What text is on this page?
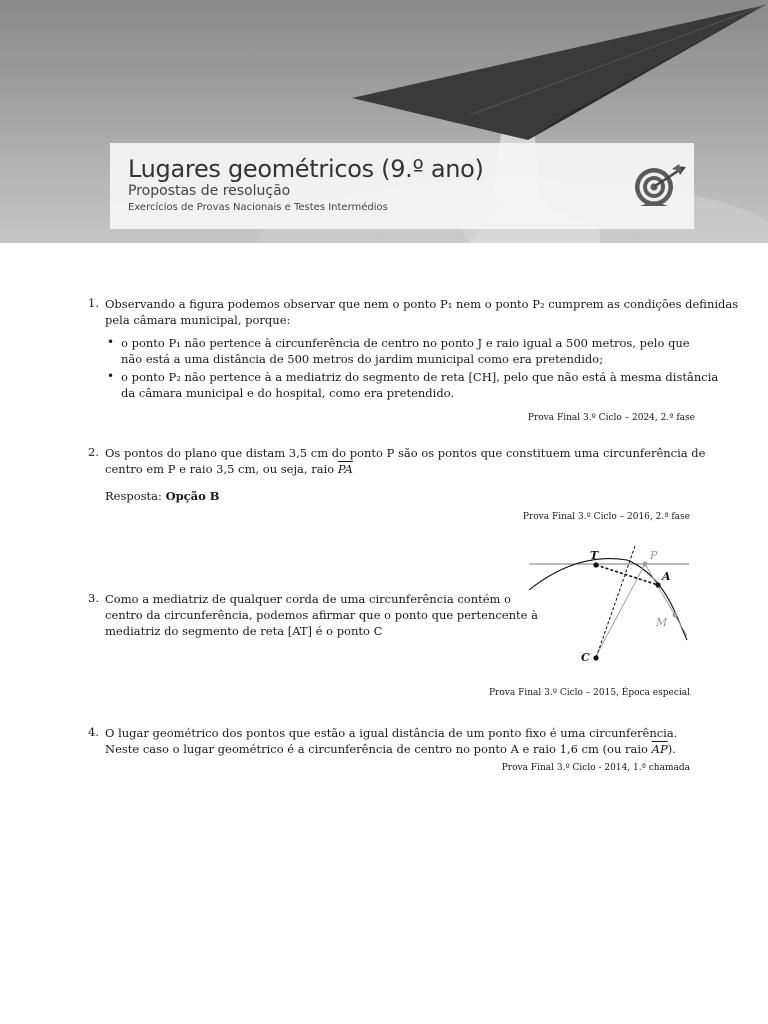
Lugares geométricos (9.º ano)
Propostas de resolução
Exercícios de Provas Nacionais e Testes Intermédios
1. Observando a figura podemos observar que nem o ponto P₁ nem o ponto P₂ cumprem as condições definidas
pela câmara municipal, porque:
• o ponto P₁ não pertence à circunferência de centro no ponto J e raio igual a 500 metros, pelo que
não está a uma distância de 500 metros do jardim municipal como era pretendido;
• o ponto P₂ não pertence à a mediatriz do segmento de reta [CH], pelo que não está à mesma distância
da câmara municipal e do hospital, como era pretendido.
Prova Final 3.º Ciclo – 2024, 2.ª fase
2. Os pontos do plano que distam 3,5 cm do ponto P são os pontos que constituem uma circunferência de
centro em P e raio 3,5 cm, ou seja, raio $\overline{PA}$
Resposta: Opção B
Prova Final 3.º Ciclo – 2016, 2.ª fase
3. Como a mediatriz de qualquer corda de uma circunferência contém o
centro da circunferência, podemos afirmar que o ponto que pertencente à
mediatriz do segmento de reta [AT] é o ponto C
T	P
A
M
C
Prova Final 3.º Ciclo – 2015, Época especial
4. O lugar geométrico dos pontos que estão a igual distância de um ponto fixo é uma circunferência.
Neste caso o lugar geométrico é a circunferência de centro no ponto A e raio 1,6 cm (ou raio $\overline{AP}$).
Prova Final 3.º Ciclo - 2014, 1.ª chamada
